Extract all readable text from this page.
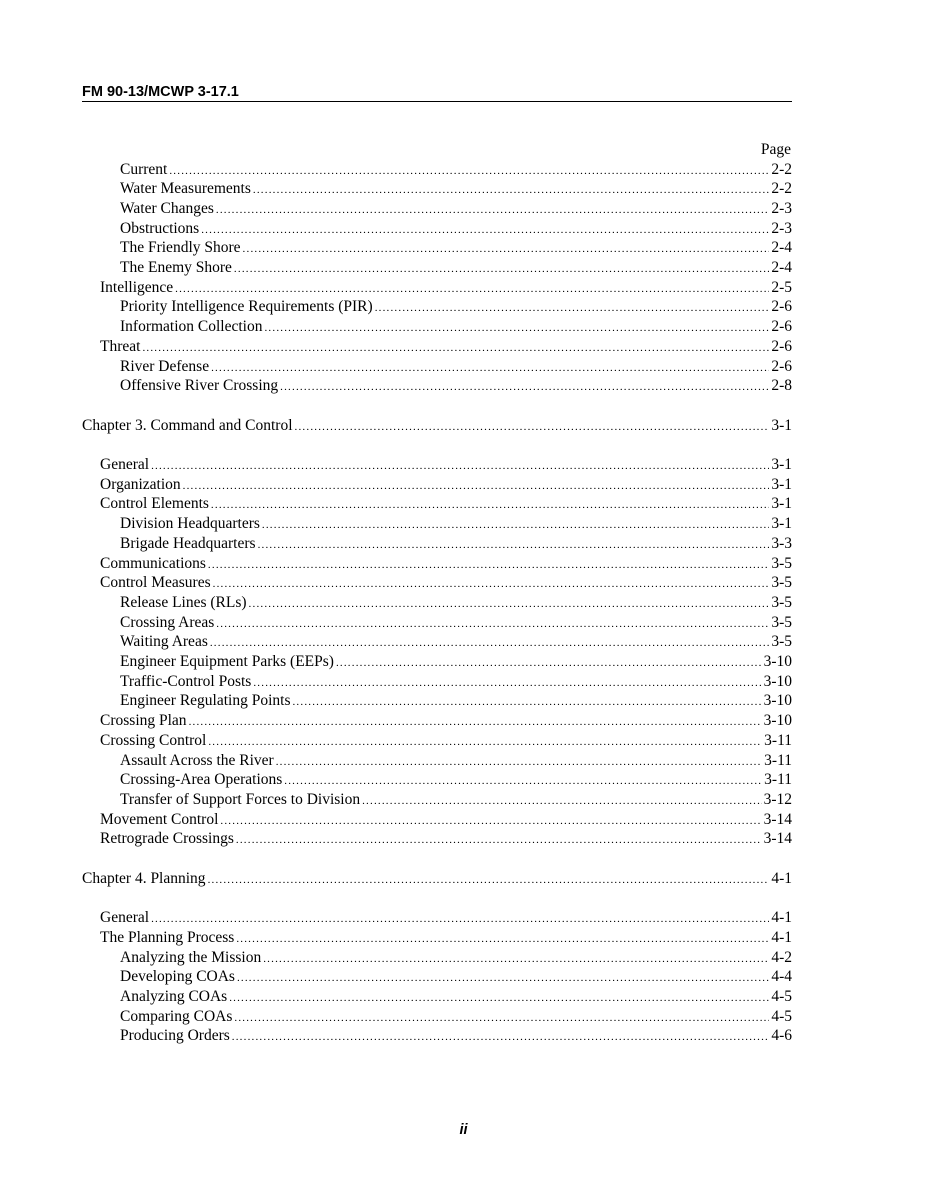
FM 90-13/MCWP 3-17.1
Page
Current .....	2-2
Water Measurements .....	2-2
Water Changes .....	2-3
Obstructions .....	2-3
The Friendly Shore .....	2-4
The Enemy Shore .....	2-4
Intelligence .....	2-5
Priority Intelligence Requirements (PIR) .....	2-6
Information Collection .....	2-6
Threat .....	2-6
River Defense .....	2-6
Offensive River Crossing .....	2-8
Chapter 3. Command and Control .....	3-1
General .....	3-1
Organization .....	3-1
Control Elements .....	3-1
Division Headquarters .....	3-1
Brigade Headquarters .....	3-3
Communications .....	3-5
Control Measures .....	3-5
Release Lines (RLs) .....	3-5
Crossing Areas .....	3-5
Waiting Areas .....	3-5
Engineer Equipment Parks (EEPs) .....	3-10
Traffic-Control Posts .....	3-10
Engineer Regulating Points .....	3-10
Crossing Plan .....	3-10
Crossing Control .....	3-11
Assault Across the River .....	3-11
Crossing-Area Operations .....	3-11
Transfer of Support Forces to Division .....	3-12
Movement Control .....	3-14
Retrograde Crossings .....	3-14
Chapter 4. Planning .....	4-1
General .....	4-1
The Planning Process .....	4-1
Analyzing the Mission .....	4-2
Developing COAs .....	4-4
Analyzing COAs .....	4-5
Comparing COAs .....	4-5
Producing Orders .....	4-6
ii
